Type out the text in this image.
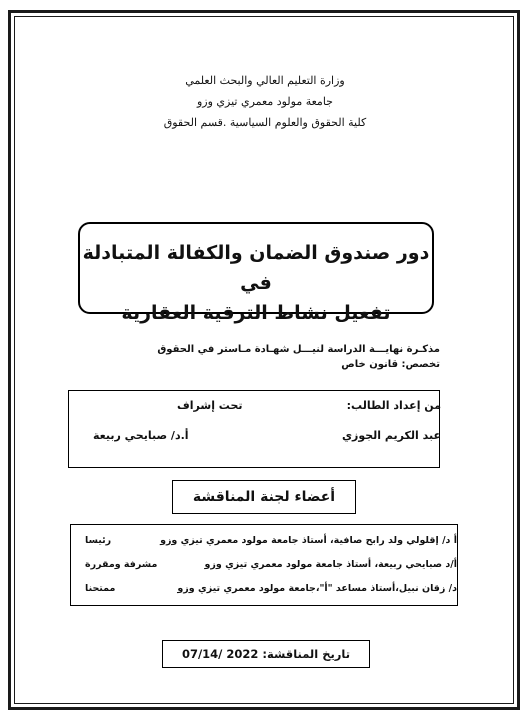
وزارة التعليم العالي والبحث العلمي
جامعة مولود معمري تيزي وزو
كلية الحقوق والعلوم السياسية .قسم الحقوق
دور صندوق الضمان والكفالة المتبادلة في
تفعيل نشاط الترقية العقارية
مذكـرة نهايـــة الدراسة لنيـــل شهـادة مـاستر في الحقوق
تخصص: قانون خاص
من إعداد الطالب:
عبد الكريم الجوزي
تحت إشراف
أ.د/ صبايحي ربيعة
أعضاء لجنة المناقشة
أ د/ إقلولي ولد رابح صافية، أستاذ جامعة مولود معمري تيزي وزو
رئيسا
أ/د صبايحي ربيعة، أستاذ جامعة مولود معمري تيزي وزو
مشرفة ومقررة
د/ زقان نبيل،أستاذ مساعد "أ"،جامعة مولود معمري تيزي وزو
ممتحنا
تاريخ المناقشة: 2022 /07/14
